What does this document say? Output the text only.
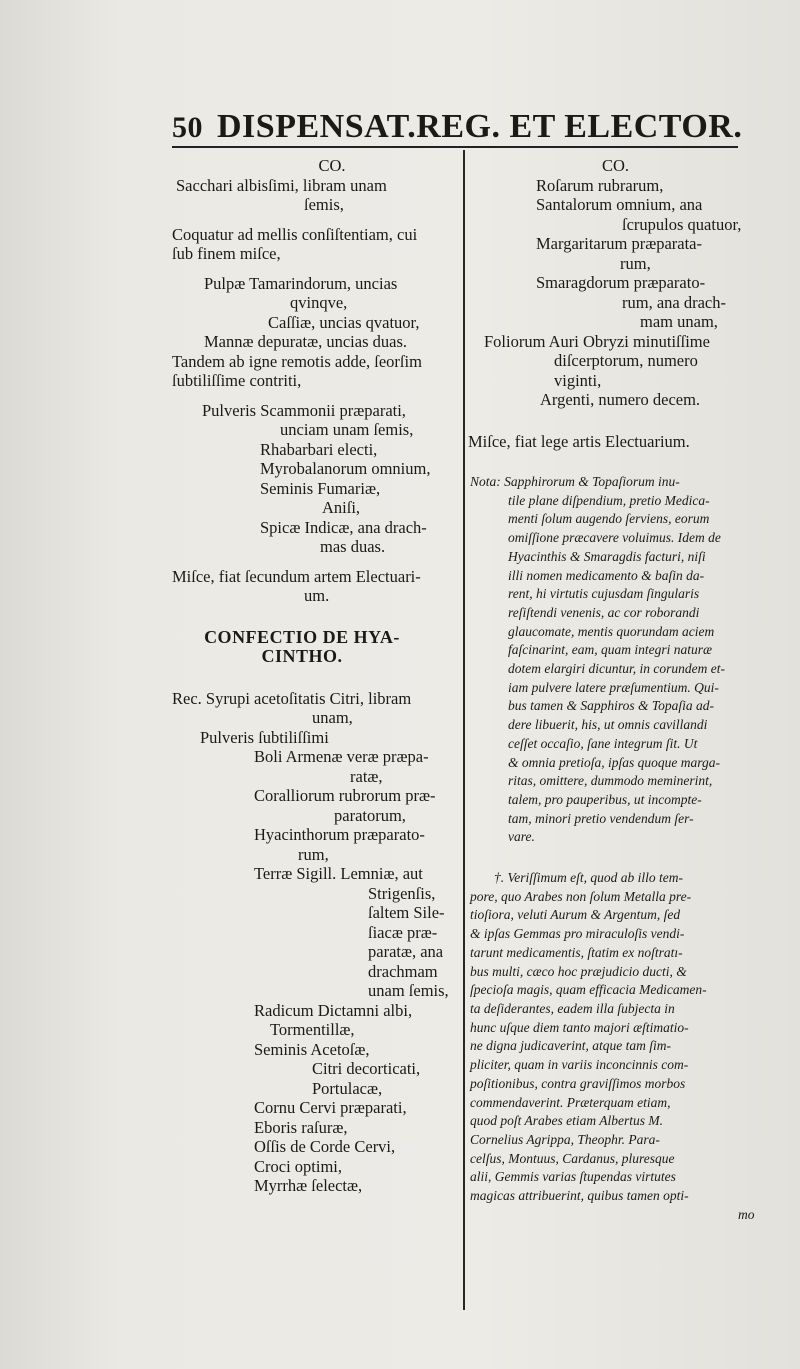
50 DISPENSAT.REG. ET ELECTOR.
CO.
Sacchari albisſimi, libram unam
ſemis,
Coquatur ad mellis conſiſtentiam, cui
ſub finem miſce,
Pulpæ Tamarindorum, uncias
qvinqve,
Caſſiæ, uncias qvatuor,
Mannæ depuratæ, uncias duas.
Tandem ab igne remotis adde, ſeorſim
ſubtiliſſime contriti,
Pulveris Scammonii præparati,
unciam unam ſemis,
Rhabarbari electi,
Myrobalanorum omnium,
Seminis Fumariæ,
Aniſi,
Spicæ Indicæ, ana drach-
mas duas.
Miſce, fiat ſecundum artem Electuari-
um.
CONFECTIO DE HYA-
CINTHO.
Rec. Syrupi acetoſitatis Citri, libram
unam,
Pulveris ſubtiliſſimi
Boli Armenæ veræ præpa-
ratæ,
Coralliorum rubrorum præ-
paratorum,
Hyacinthorum præparato-
rum,
Terræ Sigill. Lemniæ, aut
Strigenſis,
ſaltem Sile-
ſiacæ præ-
paratæ, ana
drachmam
unam ſemis,
Radicum Dictamni albi,
Tormentillæ,
Seminis Acetoſæ,
Citri decorticati,
Portulacæ,
Cornu Cervi præparati,
Eboris raſuræ,
Oſſis de Corde Cervi,
Croci optimi,
Myrrhæ ſelectæ,
CO.
Roſarum rubrarum,
Santalorum omnium, ana
ſcrupulos quatuor,
Margaritarum præparata-
rum,
Smaragdorum præparato-
rum, ana drach-
mam unam,
Foliorum Auri Obryzi minutiſſime
diſcerptorum, numero
viginti,
Argenti, numero decem.
Miſce, fiat lege artis Electuarium.
Nota: Sapphirorum & Topaſiorum inu-
tile plane diſpendium, pretio Medica-
menti ſolum augendo ſerviens, eorum
omiſſione præcavere voluimus. Idem de
Hyacinthis & Smaragdis facturi, niſi
illi nomen medicamento & baſin da-
rent, hi virtutis cujusdam ſingularis
reſiſtendi venenis, ac cor roborandi
glaucomate, mentis quorundam aciem
faſcinarint, eam, quam integri naturæ
dotem elargiri dicuntur, in corundem et-
iam pulvere latere præſumentium. Qui-
bus tamen & Sapphiros & Topaſia ad-
dere libuerit, his, ut omnis cavillandi
ceſſet occaſio, ſane integrum ſit. Ut
& omnia pretioſa, ipſas quoque marga-
ritas, omittere, dummodo meminerint,
talem, pro pauperibus, ut incompte-
tam, minori pretio vendendum ſer-
vare.
†. Veriſſimum eſt, quod ab illo tem-
pore, quo Arabes non ſolum Metalla pre-
tioſiora, veluti Aurum & Argentum, ſed
& ipſas Gemmas pro miraculoſis vendi-
tarunt medicamentis, ſtatim ex noſtratı-
bus multi, cæco hoc præjudicio ducti, &
ſpecioſa magis, quam efficacia Medicamen-
ta deſiderantes, eadem illa ſubjecta in
hunc uſque diem tanto majori æſtimatio-
ne digna judicaverint, atque tam ſim-
pliciter, quam in variis inconcinnis com-
poſitionibus, contra graviſſimos morbos
commendaverint. Præterquam etiam,
quod poſt Arabes etiam Albertus M.
Cornelius Agrippa, Theophr. Para-
celſus, Montuus, Cardanus, pluresque
alii, Gemmis varias ſtupendas virtutes
magicas attribuerint, quibus tamen opti-
mo
